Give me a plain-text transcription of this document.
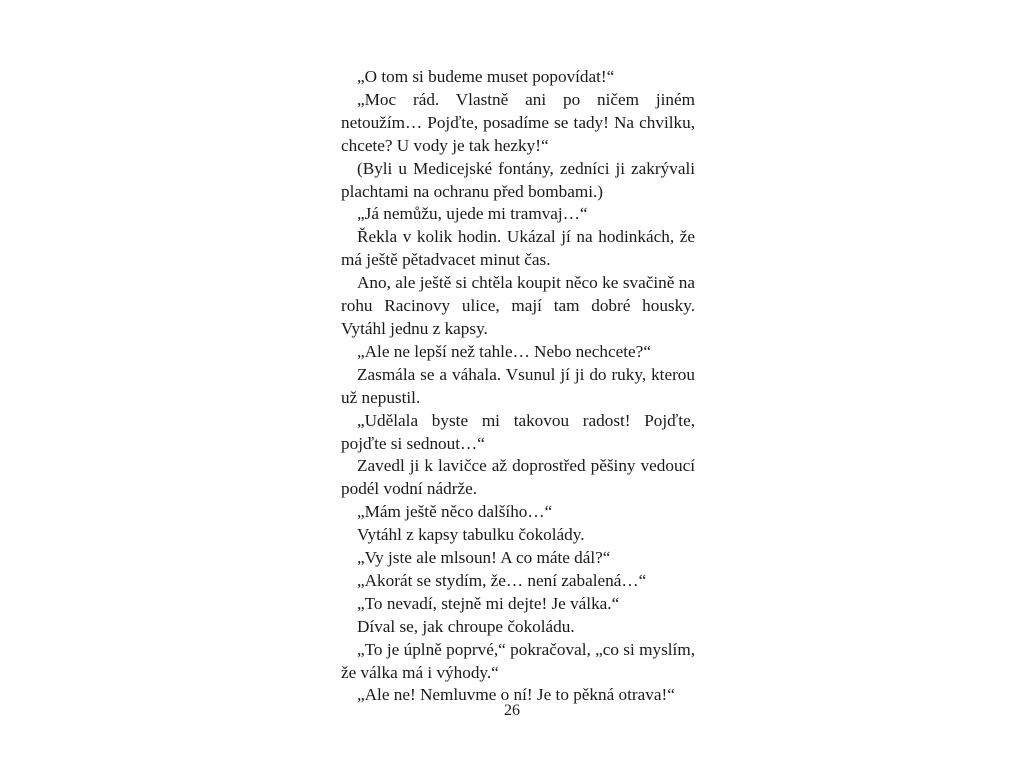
„O tom si budeme muset popovídat!“

„Moc rád. Vlastně ani po ničem jiném netoužím… Pojďte, posadíme se tady! Na chvilku, chcete? U vody je tak hezky!“

(Byli u Medicejské fontány, zedníci ji zakrývali plachtami na ochranu před bombami.)

„Já nemůžu, ujede mi tramvaj…“

Řekla v kolik hodin. Ukázal jí na hodinkách, že má ještě pětadvacet minut čas.

Ano, ale ještě si chtěla koupit něco ke svačině na rohu Racinovy ulice, mají tam dobré housky. Vytáhl jednu z kapsy.

„Ale ne lepší než tahle… Nebo nechcete?“

Zasmála se a váhala. Vsunul jí ji do ruky, kterou už nepustil.

„Udělala byste mi takovou radost! Pojďte, pojďte si sednout…“

Zavedl ji k lavičce až doprostřed pěšiny vedoucí podél vodní nádrže.

„Mám ještě něco dalšího…“

Vytáhl z kapsy tabulku čokolády.

„Vy jste ale mlsoun! A co máte dál?“

„Akorát se stydím, že… není zabalená…“

„To nevadí, stejně mi dejte! Je válka.“

Díval se, jak chroupe čokoládu.

„To je úplně poprvé,“ pokračoval, „co si myslím, že válka má i výhody.“

„Ale ne! Nemluvme o ní! Je to pěkná otrava!“

26
